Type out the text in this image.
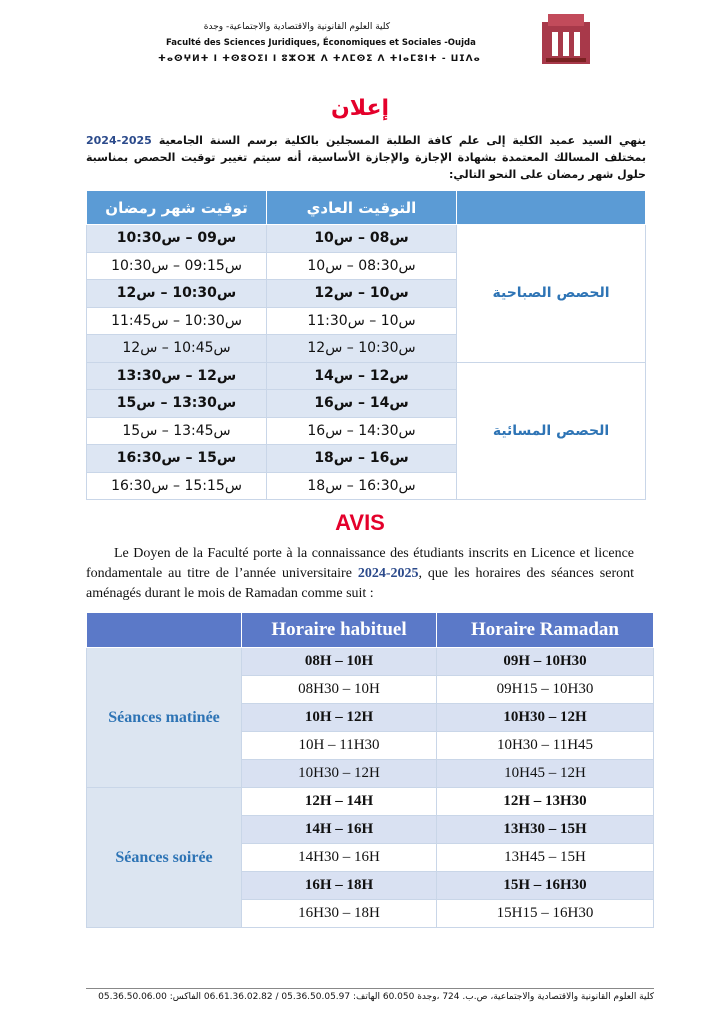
كلية العلوم القانونية والاقتصادية والاجتماعية- وجدة
Faculté des Sciences Juridiques, Économiques et Sociales -Oujda
ⵜⴰⵙⵖⵍⵜ ⵏ ⵜⵙⵓⵔⵉⵏ ⵏ ⵓⵣⵔⴼ ⴷ ⵜⴷⵎⵙⵉ ⴷ ⵜⵏⴰⵎⵓⵏⵜ - ⵡⵊⴷⴰ
إعلان
ينهي السيد عميد الكلية إلى علم كافة الطلبة المسجلين بالكلية برسم السنة الجامعية 2025-2024 بمختلف المسالك المعتمدة بشهادة الإجازة والإجازة الأساسية، أنه سيتم تغيير توقيت الحصص بمناسبة حلول شهر رمضان على النحو التالي:
	التوقيت العادي	توقيت شهر رمضان
الحصص الصباحية	س08 – س10	س09 – س10:30
	س08:30 – س10	س09:15 – س10:30
	س10 – س12	س10:30 – س12
	س10 – س11:30	س10:30 – س11:45
	س10:30 – س12	س10:45 – س12
الحصص المسائية	س12 – س14	س12 – س13:30
	س14 – س16	س13:30 – س15
	س14:30 – س16	س13:45 – س15
	س16 – س18	س15 – س16:30
	س16:30 – س18	س15:15 – س16:30
AVIS
Le Doyen de la Faculté porte à la connaissance des étudiants inscrits en Licence et licence fondamentale au titre de l’année universitaire 2024-2025, que les horaires des séances seront aménagés durant le mois de Ramadan comme suit :
	Horaire habituel	Horaire Ramadan
Séances matinée	08H – 10H	09H – 10H30
	08H30 – 10H	09H15 – 10H30
	10H – 12H	10H30 – 12H
	10H – 11H30	10H30 – 11H45
	10H30 – 12H	10H45 – 12H
Séances soirée	12H – 14H	12H – 13H30
	14H – 16H	13H30 – 15H
	14H30 – 16H	13H45 – 15H
	16H – 18H	15H – 16H30
	16H30 – 18H	15H15 – 16H30
كلية العلوم القانونية والاقتصادية والاجتماعية، ص.ب. 724 ،وجدة 60.050 الهاتف: 05.36.50.05.97 / 06.61.36.02.82 الفاكس: 05.36.50.06.00
